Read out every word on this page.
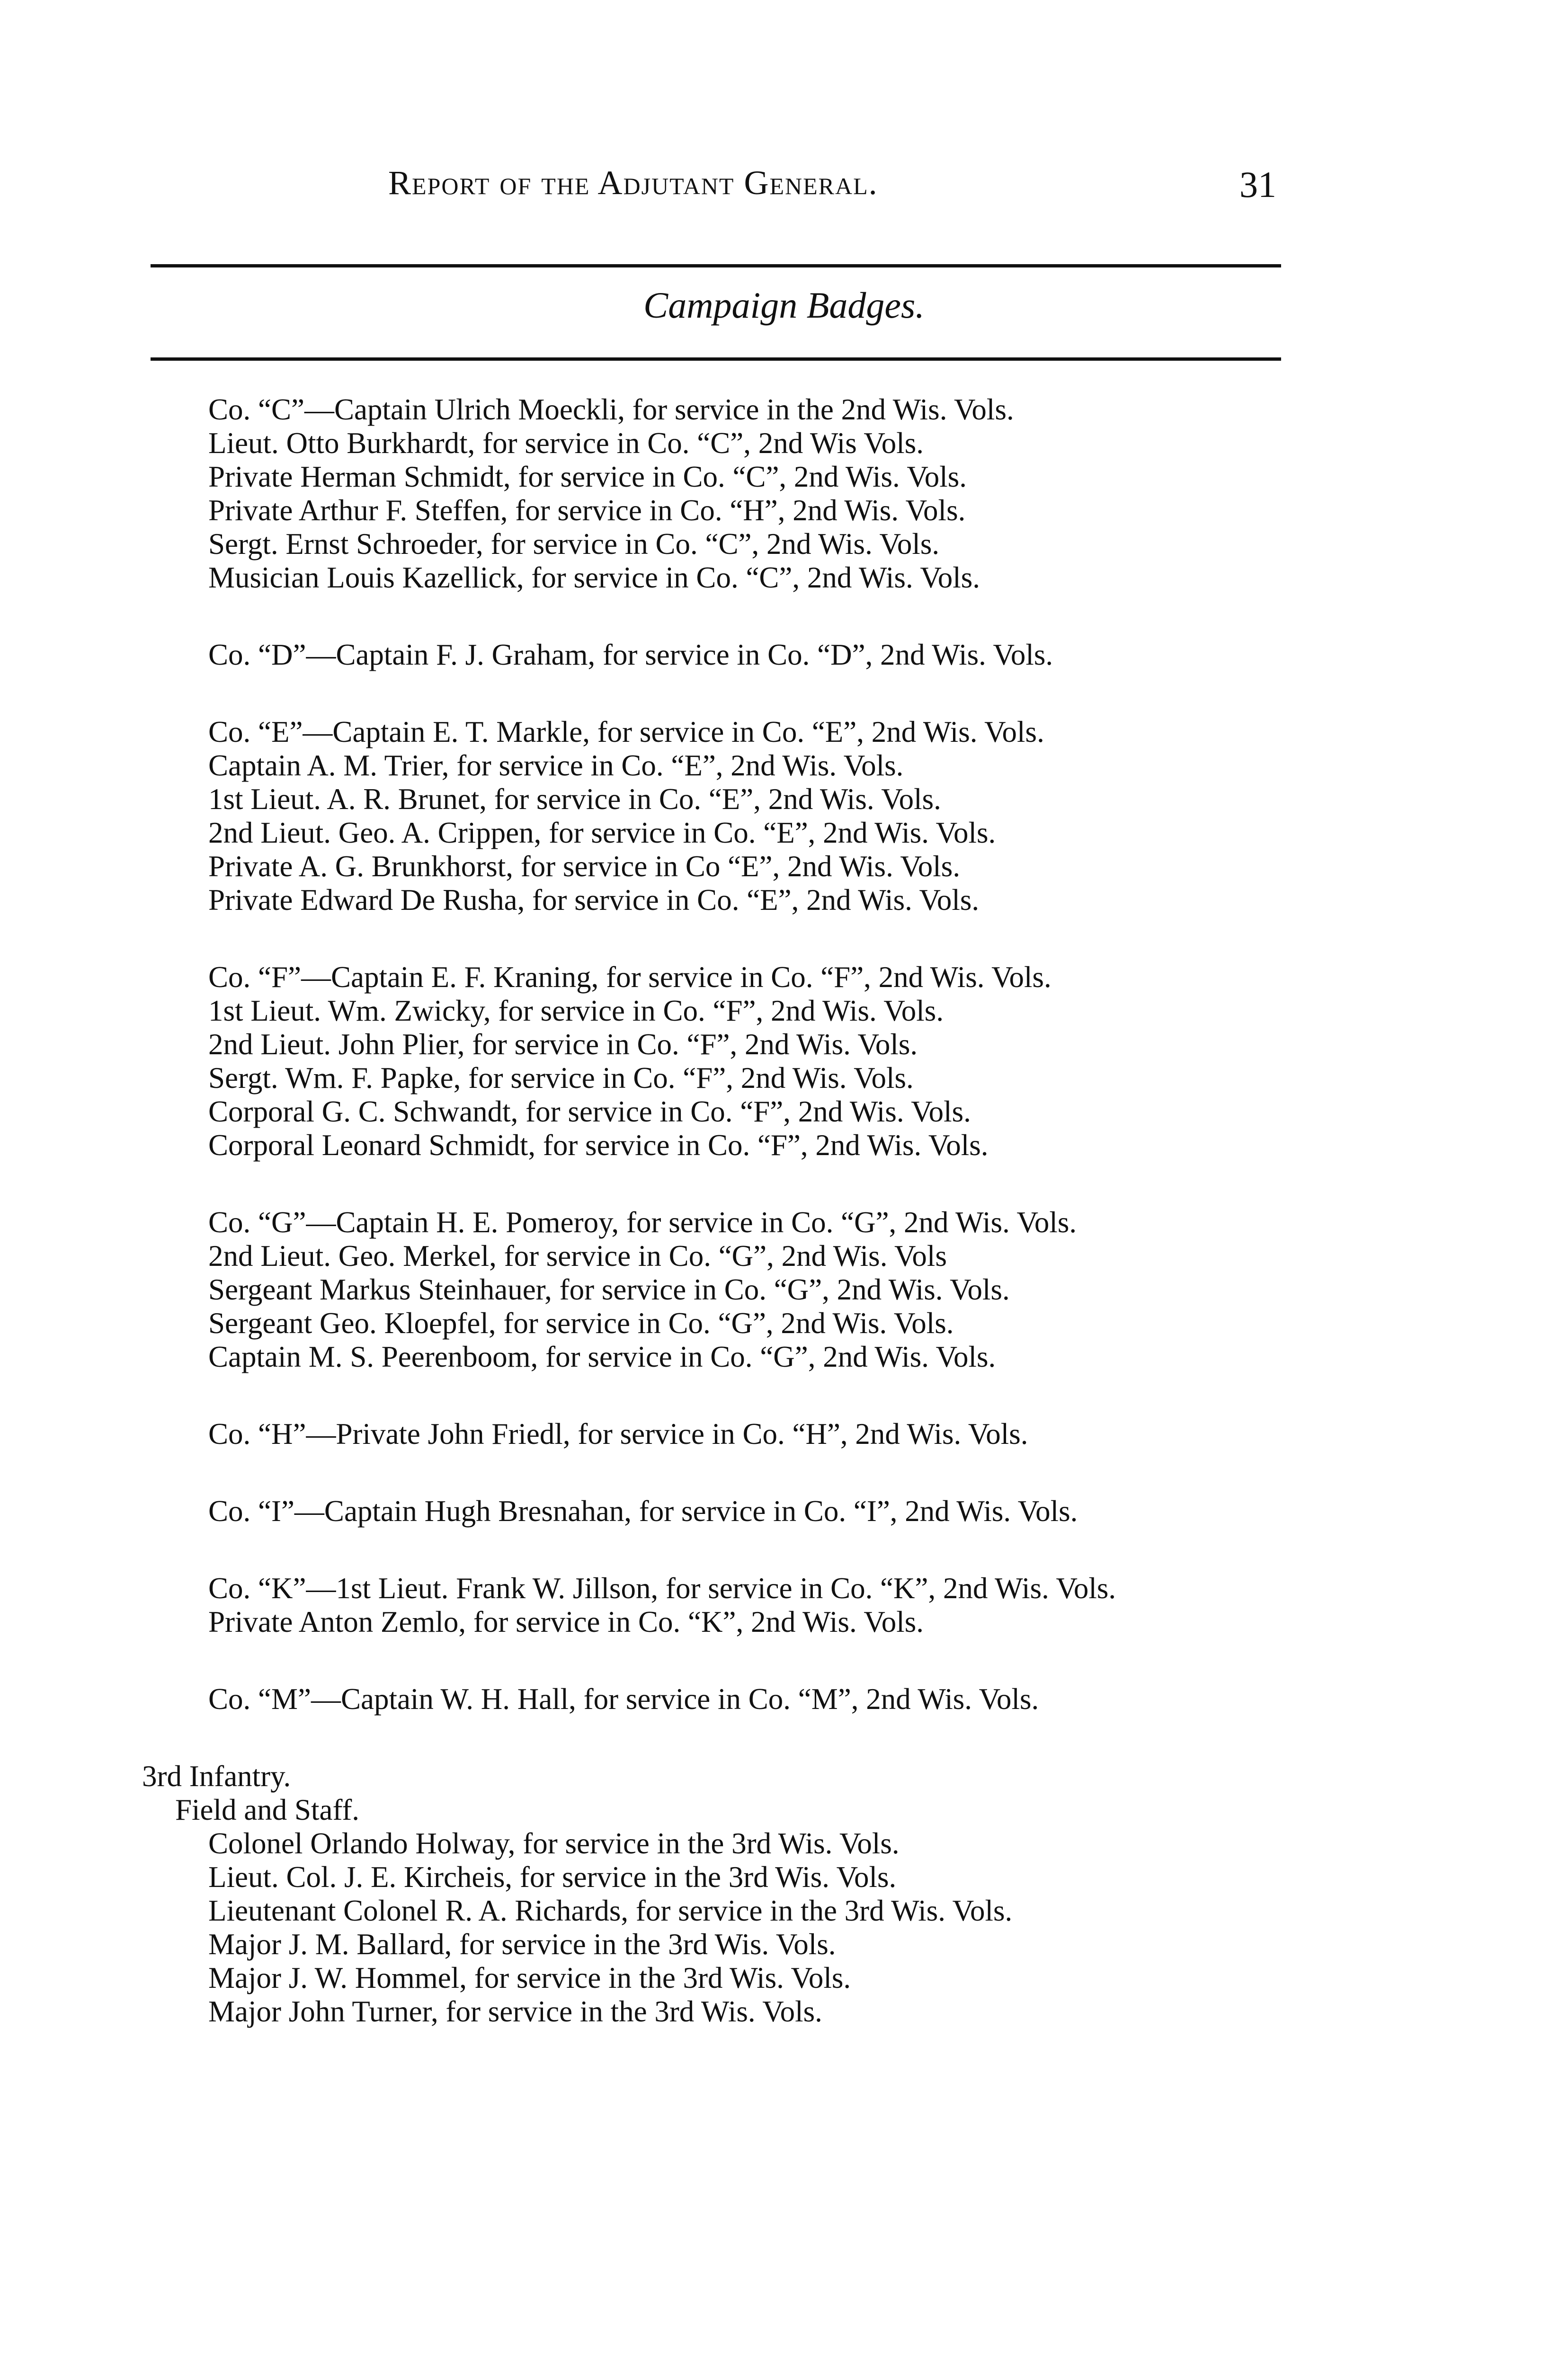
Report of the Adjutant General.	31
Campaign Badges.
Co. “C”—Captain Ulrich Moeckli, for service in the 2nd Wis. Vols.
Lieut. Otto Burkhardt, for service in Co. “C”, 2nd Wis Vols.
Private Herman Schmidt, for service in Co. “C”, 2nd Wis. Vols.
Private Arthur F. Steffen, for service in Co. “H”, 2nd Wis. Vols.
Sergt. Ernst Schroeder, for service in Co. “C”, 2nd Wis. Vols.
Musician Louis Kazellick, for service in Co. “C”, 2nd Wis. Vols.
Co. “D”—Captain F. J. Graham, for service in Co. “D”, 2nd Wis. Vols.
Co. “E”—Captain E. T. Markle, for service in Co. “E”, 2nd Wis. Vols.
Captain A. M. Trier, for service in Co. “E”, 2nd Wis. Vols.
1st Lieut. A. R. Brunet, for service in Co. “E”, 2nd Wis. Vols.
2nd Lieut. Geo. A. Crippen, for service in Co. “E”, 2nd Wis. Vols.
Private A. G. Brunkhorst, for service in Co “E”, 2nd Wis. Vols.
Private Edward De Rusha, for service in Co. “E”, 2nd Wis. Vols.
Co. “F”—Captain E. F. Kraning, for service in Co. “F”, 2nd Wis. Vols.
1st Lieut. Wm. Zwicky, for service in Co. “F”, 2nd Wis. Vols.
2nd Lieut. John Plier, for service in Co. “F”, 2nd Wis. Vols.
Sergt. Wm. F. Papke, for service in Co. “F”, 2nd Wis. Vols.
Corporal G. C. Schwandt, for service in Co. “F”, 2nd Wis. Vols.
Corporal Leonard Schmidt, for service in Co. “F”, 2nd Wis. Vols.
Co. “G”—Captain H. E. Pomeroy, for service in Co. “G”, 2nd Wis. Vols.
2nd Lieut. Geo. Merkel, for service in Co. “G”, 2nd Wis. Vols
Sergeant Markus Steinhauer, for service in Co. “G”, 2nd Wis. Vols.
Sergeant Geo. Kloepfel, for service in Co. “G”, 2nd Wis. Vols.
Captain M. S. Peerenboom, for service in Co. “G”, 2nd Wis. Vols.
Co. “H”—Private John Friedl, for service in Co. “H”, 2nd Wis. Vols.
Co. “I”—Captain Hugh Bresnahan, for service in Co. “I”, 2nd Wis. Vols.
Co. “K”—1st Lieut. Frank W. Jillson, for service in Co. “K”, 2nd Wis. Vols.
Private Anton Zemlo, for service in Co. “K”, 2nd Wis. Vols.
Co. “M”—Captain W. H. Hall, for service in Co. “M”, 2nd Wis. Vols.
3rd Infantry.
Field and Staff.
Colonel Orlando Holway, for service in the 3rd Wis. Vols.
Lieut. Col. J. E. Kircheis, for service in the 3rd Wis. Vols.
Lieutenant Colonel R. A. Richards, for service in the 3rd Wis. Vols.
Major J. M. Ballard, for service in the 3rd Wis. Vols.
Major J. W. Hommel, for service in the 3rd Wis. Vols.
Major John Turner, for service in the 3rd Wis. Vols.
